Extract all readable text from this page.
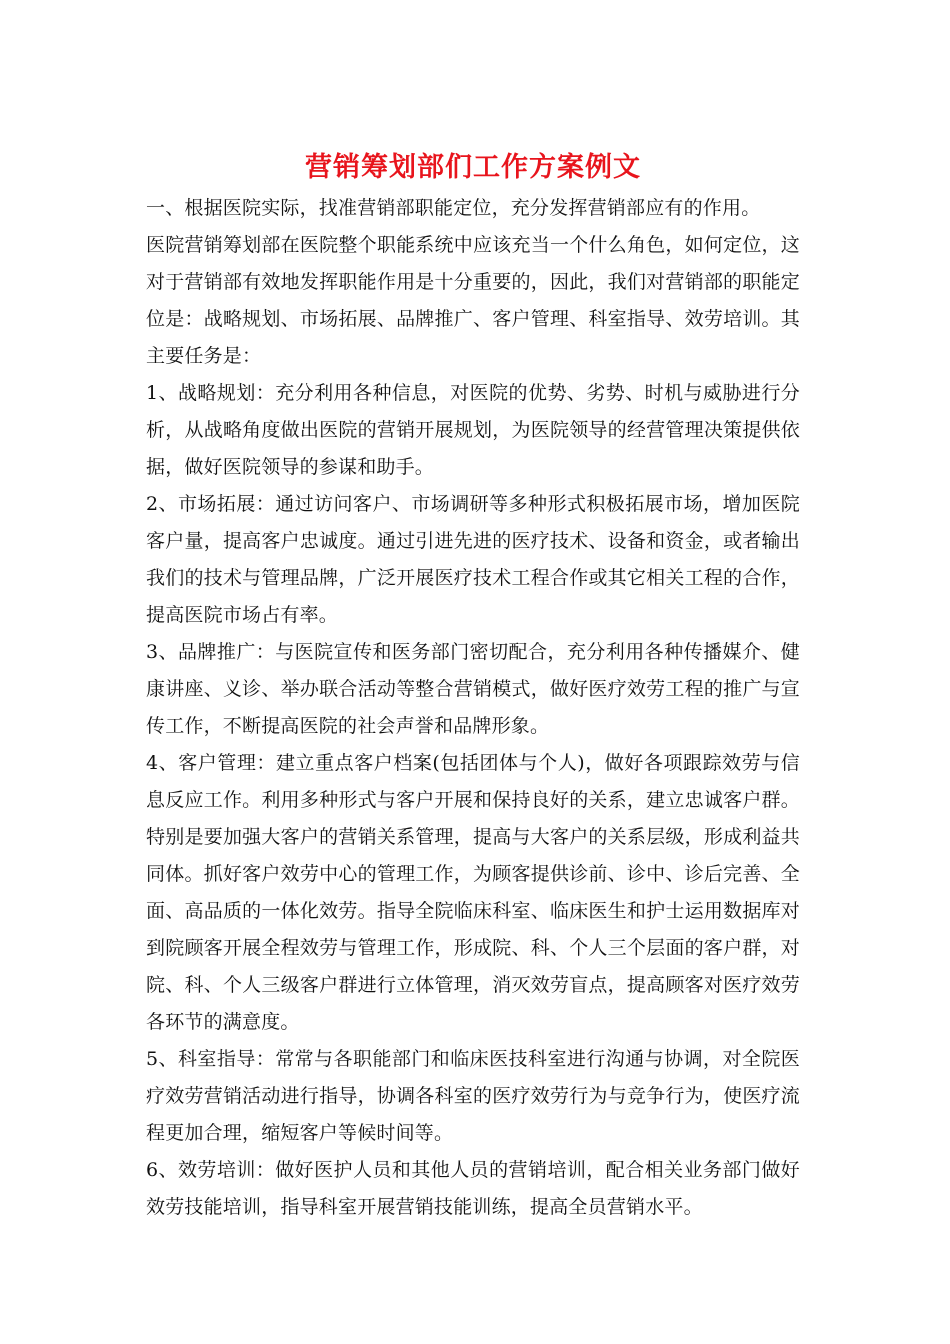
营销筹划部们工作方案例文

一、根据医院实际，找准营销部职能定位，充分发挥营销部应有的作用。

医院营销筹划部在医院整个职能系统中应该充当一个什么角色，如何定位，这对于营销部有效地发挥职能作用是十分重要的，因此，我们对营销部的职能定位是：战略规划、市场拓展、品牌推广、客户管理、科室指导、效劳培训。其主要任务是：

1、战略规划：充分利用各种信息，对医院的优势、劣势、时机与威胁进行分析，从战略角度做出医院的营销开展规划，为医院领导的经营管理决策提供依据，做好医院领导的参谋和助手。

2、市场拓展：通过访问客户、市场调研等多种形式积极拓展市场，增加医院客户量，提高客户忠诚度。通过引进先进的医疗技术、设备和资金，或者输出我们的技术与管理品牌，广泛开展医疗技术工程合作或其它相关工程的合作，提高医院市场占有率。

3、品牌推广：与医院宣传和医务部门密切配合，充分利用各种传播媒介、健康讲座、义诊、举办联合活动等整合营销模式，做好医疗效劳工程的推广与宣传工作，不断提高医院的社会声誉和品牌形象。

4、客户管理：建立重点客户档案(包括团体与个人)，做好各项跟踪效劳与信息反应工作。利用多种形式与客户开展和保持良好的关系，建立忠诚客户群。特别是要加强大客户的营销关系管理，提高与大客户的关系层级，形成利益共同体。抓好客户效劳中心的管理工作，为顾客提供诊前、诊中、诊后完善、全面、高品质的一体化效劳。指导全院临床科室、临床医生和护士运用数据库对到院顾客开展全程效劳与管理工作，形成院、科、个人三个层面的客户群，对院、科、个人三级客户群进行立体管理，消灭效劳盲点，提高顾客对医疗效劳各环节的满意度。

5、科室指导：常常与各职能部门和临床医技科室进行沟通与协调，对全院医疗效劳营销活动进行指导，协调各科室的医疗效劳行为与竞争行为，使医疗流程更加合理，缩短客户等候时间等。

6、效劳培训：做好医护人员和其他人员的营销培训，配合相关业务部门做好效劳技能培训，指导科室开展营销技能训练，提高全员营销水平。
